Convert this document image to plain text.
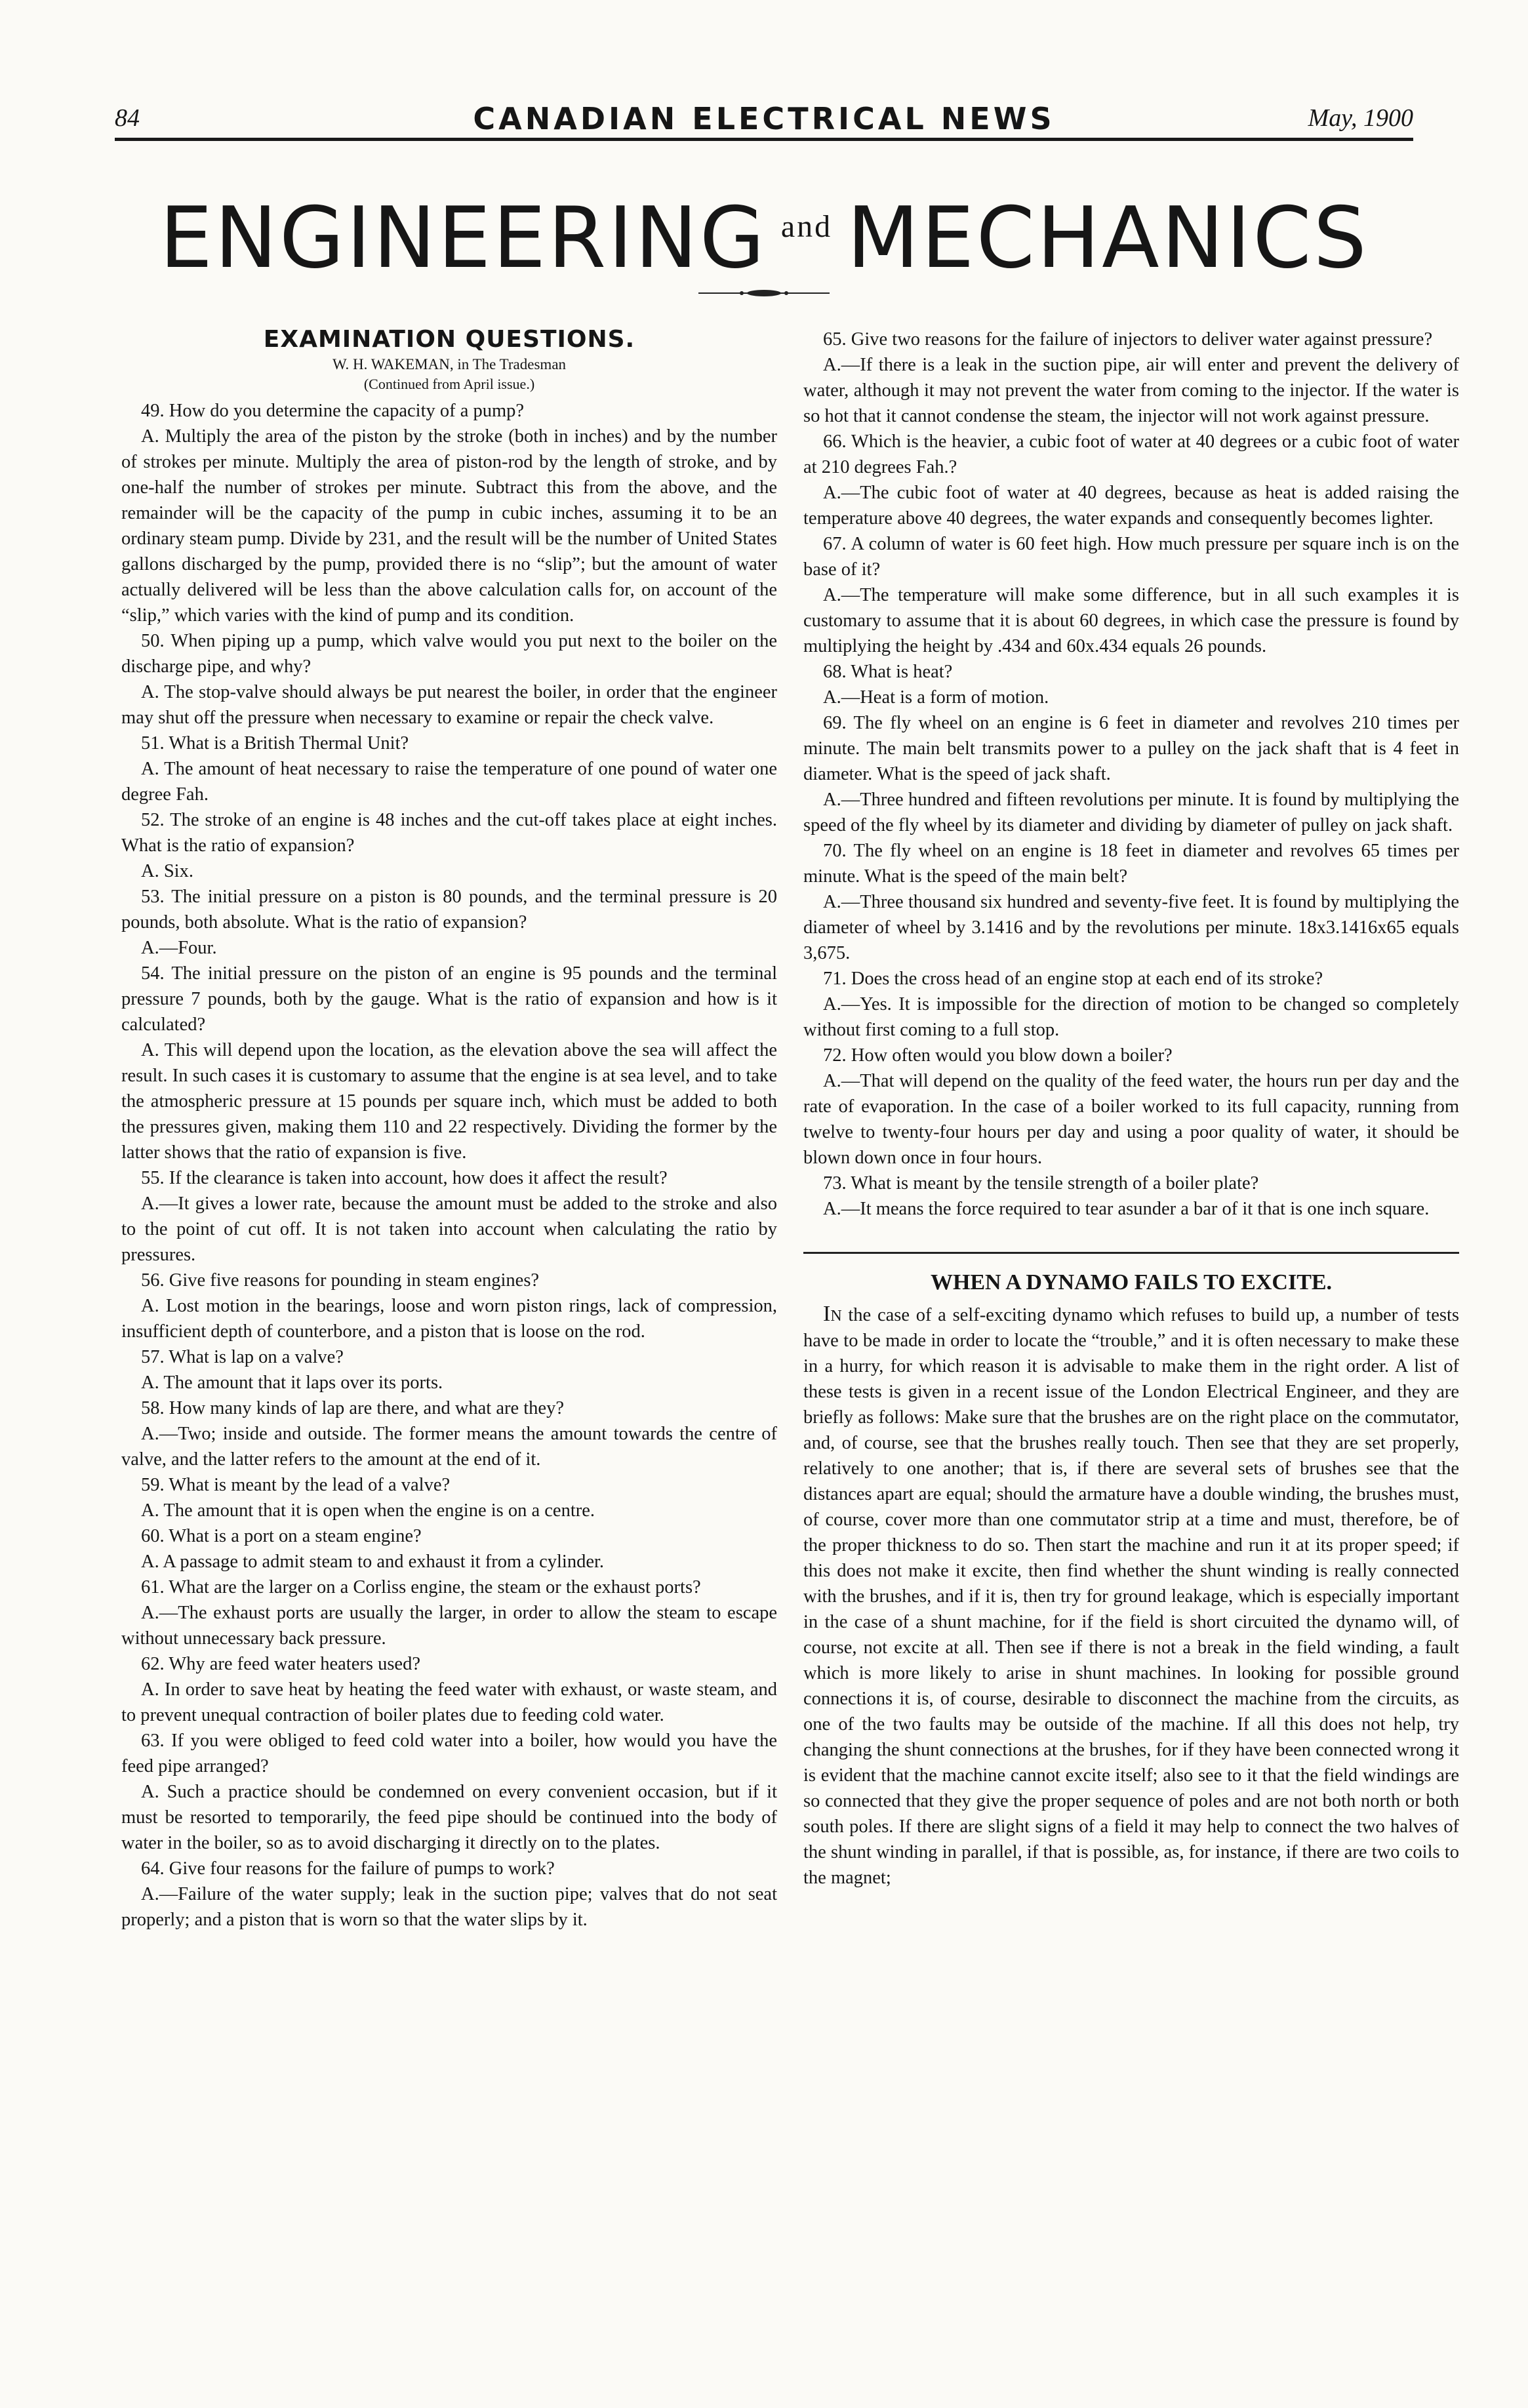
84	CANADIAN ELECTRICAL NEWS	May, 1900
ENGINEERING $^{and}$ MECHANICS
EXAMINATION QUESTIONS.
W. H. WAKEMAN, in The Tradesman
(Continued from April issue.)

49. How do you determine the capacity of a pump?

A. Multiply the area of the piston by the stroke (both in inches) and by the number of strokes per minute. Multiply the area of piston-rod by the length of stroke, and by one-half the number of strokes per minute. Subtract this from the above, and the remainder will be the capacity of the pump in cubic inches, assuming it to be an ordinary steam pump. Divide by 231, and the result will be the number of United States gallons discharged by the pump, provided there is no “slip”; but the amount of water actually delivered will be less than the above calculation calls for, on account of the “slip,” which varies with the kind of pump and its condition.

50. When piping up a pump, which valve would you put next to the boiler on the discharge pipe, and why?

A. The stop-valve should always be put nearest the boiler, in order that the engineer may shut off the pressure when necessary to examine or repair the check valve.

51. What is a British Thermal Unit?

A. The amount of heat necessary to raise the temperature of one pound of water one degree Fah.

52. The stroke of an engine is 48 inches and the cut-off takes place at eight inches. What is the ratio of expansion?

A. Six.

53. The initial pressure on a piston is 80 pounds, and the terminal pressure is 20 pounds, both absolute. What is the ratio of expansion?

A.—Four.

54. The initial pressure on the piston of an engine is 95 pounds and the terminal pressure 7 pounds, both by the gauge. What is the ratio of expansion and how is it calculated?

A. This will depend upon the location, as the elevation above the sea will affect the result. In such cases it is customary to assume that the engine is at sea level, and to take the atmospheric pressure at 15 pounds per square inch, which must be added to both the pressures given, making them 110 and 22 respectively. Dividing the former by the latter shows that the ratio of expansion is five.

55. If the clearance is taken into account, how does it affect the result?

A.—It gives a lower rate, because the amount must be added to the stroke and also to the point of cut off. It is not taken into account when calculating the ratio by pressures.

56. Give five reasons for pounding in steam engines?

A. Lost motion in the bearings, loose and worn piston rings, lack of compression, insufficient depth of counterbore, and a piston that is loose on the rod.

57. What is lap on a valve?

A. The amount that it laps over its ports.

58. How many kinds of lap are there, and what are they?

A.—Two; inside and outside. The former means the amount towards the centre of valve, and the latter refers to the amount at the end of it.

59. What is meant by the lead of a valve?

A. The amount that it is open when the engine is on a centre.

60. What is a port on a steam engine?

A. A passage to admit steam to and exhaust it from a cylinder.

61. What are the larger on a Corliss engine, the steam or the exhaust ports?

A.—The exhaust ports are usually the larger, in order to allow the steam to escape without unnecessary back pressure.

62. Why are feed water heaters used?

A. In order to save heat by heating the feed water with exhaust, or waste steam, and to prevent unequal contraction of boiler plates due to feeding cold water.

63. If you were obliged to feed cold water into a boiler, how would you have the feed pipe arranged?

A. Such a practice should be condemned on every convenient occasion, but if it must be resorted to temporarily, the feed pipe should be continued into the body of water in the boiler, so as to avoid discharging it directly on to the plates.

64. Give four reasons for the failure of pumps to work?

A.—Failure of the water supply; leak in the suction pipe; valves that do not seat properly; and a piston that is worn so that the water slips by it.

65. Give two reasons for the failure of injectors to deliver water against pressure?

A.—If there is a leak in the suction pipe, air will enter and prevent the delivery of water, although it may not prevent the water from coming to the injector. If the water is so hot that it cannot condense the steam, the injector will not work against pressure.

66. Which is the heavier, a cubic foot of water at 40 degrees or a cubic foot of water at 210 degrees Fah.?

A.—The cubic foot of water at 40 degrees, because as heat is added raising the temperature above 40 degrees, the water expands and consequently becomes lighter.

67. A column of water is 60 feet high. How much pressure per square inch is on the base of it?

A.—The temperature will make some difference, but in all such examples it is customary to assume that it is about 60 degrees, in which case the pressure is found by multiplying the height by .434 and 60x.434 equals 26 pounds.

68. What is heat?

A.—Heat is a form of motion.

69. The fly wheel on an engine is 6 feet in diameter and revolves 210 times per minute. The main belt transmits power to a pulley on the jack shaft that is 4 feet in diameter. What is the speed of jack shaft.

A.—Three hundred and fifteen revolutions per minute. It is found by multiplying the speed of the fly wheel by its diameter and dividing by diameter of pulley on jack shaft.

70. The fly wheel on an engine is 18 feet in diameter and revolves 65 times per minute. What is the speed of the main belt?

A.—Three thousand six hundred and seventy-five feet. It is found by multiplying the diameter of wheel by 3.1416 and by the revolutions per minute. 18x3.1416x65 equals 3,675.

71. Does the cross head of an engine stop at each end of its stroke?

A.—Yes. It is impossible for the direction of motion to be changed so completely without first coming to a full stop.

72. How often would you blow down a boiler?

A.—That will depend on the quality of the feed water, the hours run per day and the rate of evaporation. In the case of a boiler worked to its full capacity, running from twelve to twenty-four hours per day and using a poor quality of water, it should be blown down once in four hours.

73. What is meant by the tensile strength of a boiler plate?

A.—It means the force required to tear asunder a bar of it that is one inch square.

WHEN A DYNAMO FAILS TO EXCITE.

In the case of a self-exciting dynamo which refuses to build up, a number of tests have to be made in order to locate the “trouble,” and it is often necessary to make these in a hurry, for which reason it is advisable to make them in the right order. A list of these tests is given in a recent issue of the London Electrical Engineer, and they are briefly as follows: Make sure that the brushes are on the right place on the commutator, and, of course, see that the brushes really touch. Then see that they are set properly, relatively to one another; that is, if there are several sets of brushes see that the distances apart are equal; should the armature have a double winding, the brushes must, of course, cover more than one commutator strip at a time and must, therefore, be of the proper thickness to do so. Then start the machine and run it at its proper speed; if this does not make it excite, then find whether the shunt winding is really connected with the brushes, and if it is, then try for ground leakage, which is especially important in the case of a shunt machine, for if the field is short circuited the dynamo will, of course, not excite at all. Then see if there is not a break in the field winding, a fault which is more likely to arise in shunt machines. In looking for possible ground connections it is, of course, desirable to disconnect the machine from the circuits, as one of the two faults may be outside of the machine. If all this does not help, try changing the shunt connections at the brushes, for if they have been connected wrong it is evident that the machine cannot excite itself; also see to it that the field windings are so connected that they give the proper sequence of poles and are not both north or both south poles. If there are slight signs of a field it may help to connect the two halves of the shunt winding in parallel, if that is possible, as, for instance, if there are two coils to the magnet;
